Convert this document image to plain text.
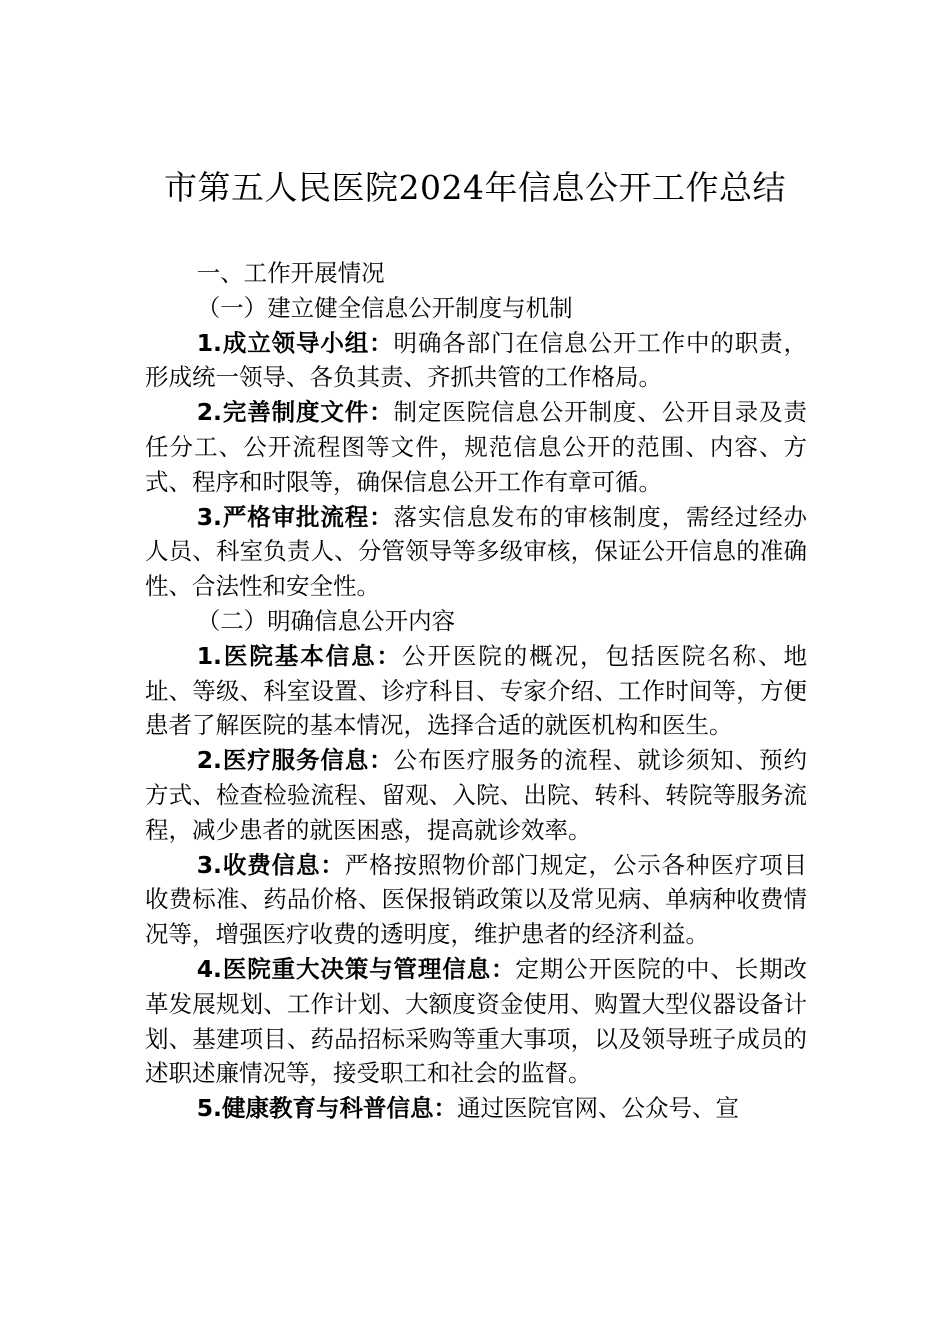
市第五人民医院2024年信息公开工作总结

一、工作开展情况

（一）建立健全信息公开制度与机制

1.成立领导小组：明确各部门在信息公开工作中的职责，形成统一领导、各负其责、齐抓共管的工作格局。

2.完善制度文件：制定医院信息公开制度、公开目录及责任分工、公开流程图等文件，规范信息公开的范围、内容、方式、程序和时限等，确保信息公开工作有章可循。

3.严格审批流程：落实信息发布的审核制度，需经过经办人员、科室负责人、分管领导等多级审核，保证公开信息的准确性、合法性和安全性。

（二）明确信息公开内容

1.医院基本信息：公开医院的概况，包括医院名称、地址、等级、科室设置、诊疗科目、专家介绍、工作时间等，方便患者了解医院的基本情况，选择合适的就医机构和医生。

2.医疗服务信息：公布医疗服务的流程、就诊须知、预约方式、检查检验流程、留观、入院、出院、转科、转院等服务流程，减少患者的就医困惑，提高就诊效率。

3.收费信息：严格按照物价部门规定，公示各种医疗项目收费标准、药品价格、医保报销政策以及常见病、单病种收费情况等，增强医疗收费的透明度，维护患者的经济利益。

4.医院重大决策与管理信息：定期公开医院的中、长期改革发展规划、工作计划、大额度资金使用、购置大型仪器设备计划、基建项目、药品招标采购等重大事项，以及领导班子成员的述职述廉情况等，接受职工和社会的监督。

5.健康教育与科普信息：通过医院官网、公众号、宣
